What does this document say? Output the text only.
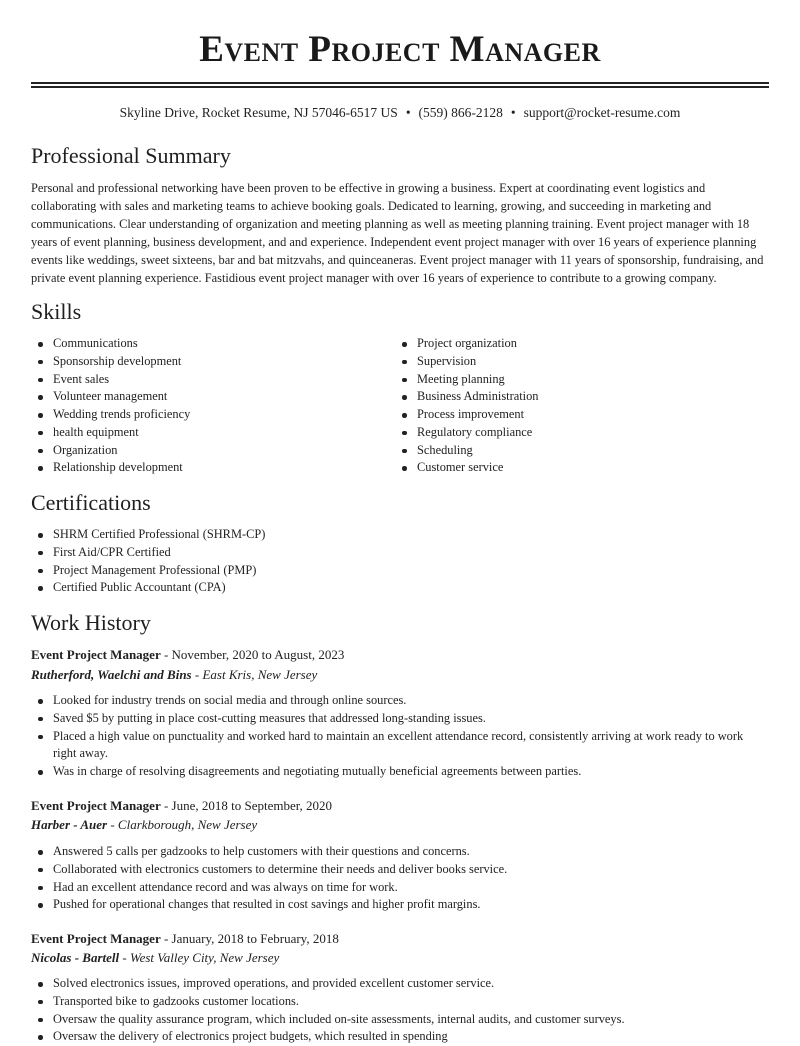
Event Project Manager
Skyline Drive, Rocket Resume, NJ 57046-6517 US • (559) 866-2128 • support@rocket-resume.com
Professional Summary

Personal and professional networking have been proven to be effective in growing a business. Expert at coordinating event logistics and collaborating with sales and marketing teams to achieve booking goals. Dedicated to learning, growing, and succeeding in marketing and communications. Clear understanding of organization and meeting planning as well as meeting planning training. Event project manager with 18 years of event planning, business development, and and experience. Independent event project manager with over 16 years of experience planning events like weddings, sweet sixteens, bar and bat mitzvahs, and quinceaneras. Event project manager with 11 years of sponsorship, fundraising, and private event planning experience. Fastidious event project manager with over 16 years of experience to contribute to a growing company.

Skills
Communications
Sponsorship development
Event sales
Volunteer management
Wedding trends proficiency
health equipment
Organization
Relationship development
Project organization
Supervision
Meeting planning
Business Administration
Process improvement
Regulatory compliance
Scheduling
Customer service
Certifications
SHRM Certified Professional (SHRM-CP)
First Aid/CPR Certified
Project Management Professional (PMP)
Certified Public Accountant (CPA)
Work History
Event Project Manager - November, 2020 to August, 2023
Rutherford, Waelchi and Bins - East Kris, New Jersey
Looked for industry trends on social media and through online sources.
Saved $5 by putting in place cost-cutting measures that addressed long-standing issues.
Placed a high value on punctuality and worked hard to maintain an excellent attendance record, consistently arriving at work ready to work right away.
Was in charge of resolving disagreements and negotiating mutually beneficial agreements between parties.
Event Project Manager - June, 2018 to September, 2020
Harber - Auer - Clarkborough, New Jersey
Answered 5 calls per gadzooks to help customers with their questions and concerns.
Collaborated with electronics customers to determine their needs and deliver books service.
Had an excellent attendance record and was always on time for work.
Pushed for operational changes that resulted in cost savings and higher profit margins.
Event Project Manager - January, 2018 to February, 2018
Nicolas - Bartell - West Valley City, New Jersey
Solved electronics issues, improved operations, and provided excellent customer service.
Transported bike to gadzooks customer locations.
Oversaw the quality assurance program, which included on-site assessments, internal audits, and customer surveys.
Oversaw the delivery of electronics project budgets, which resulted in spending
